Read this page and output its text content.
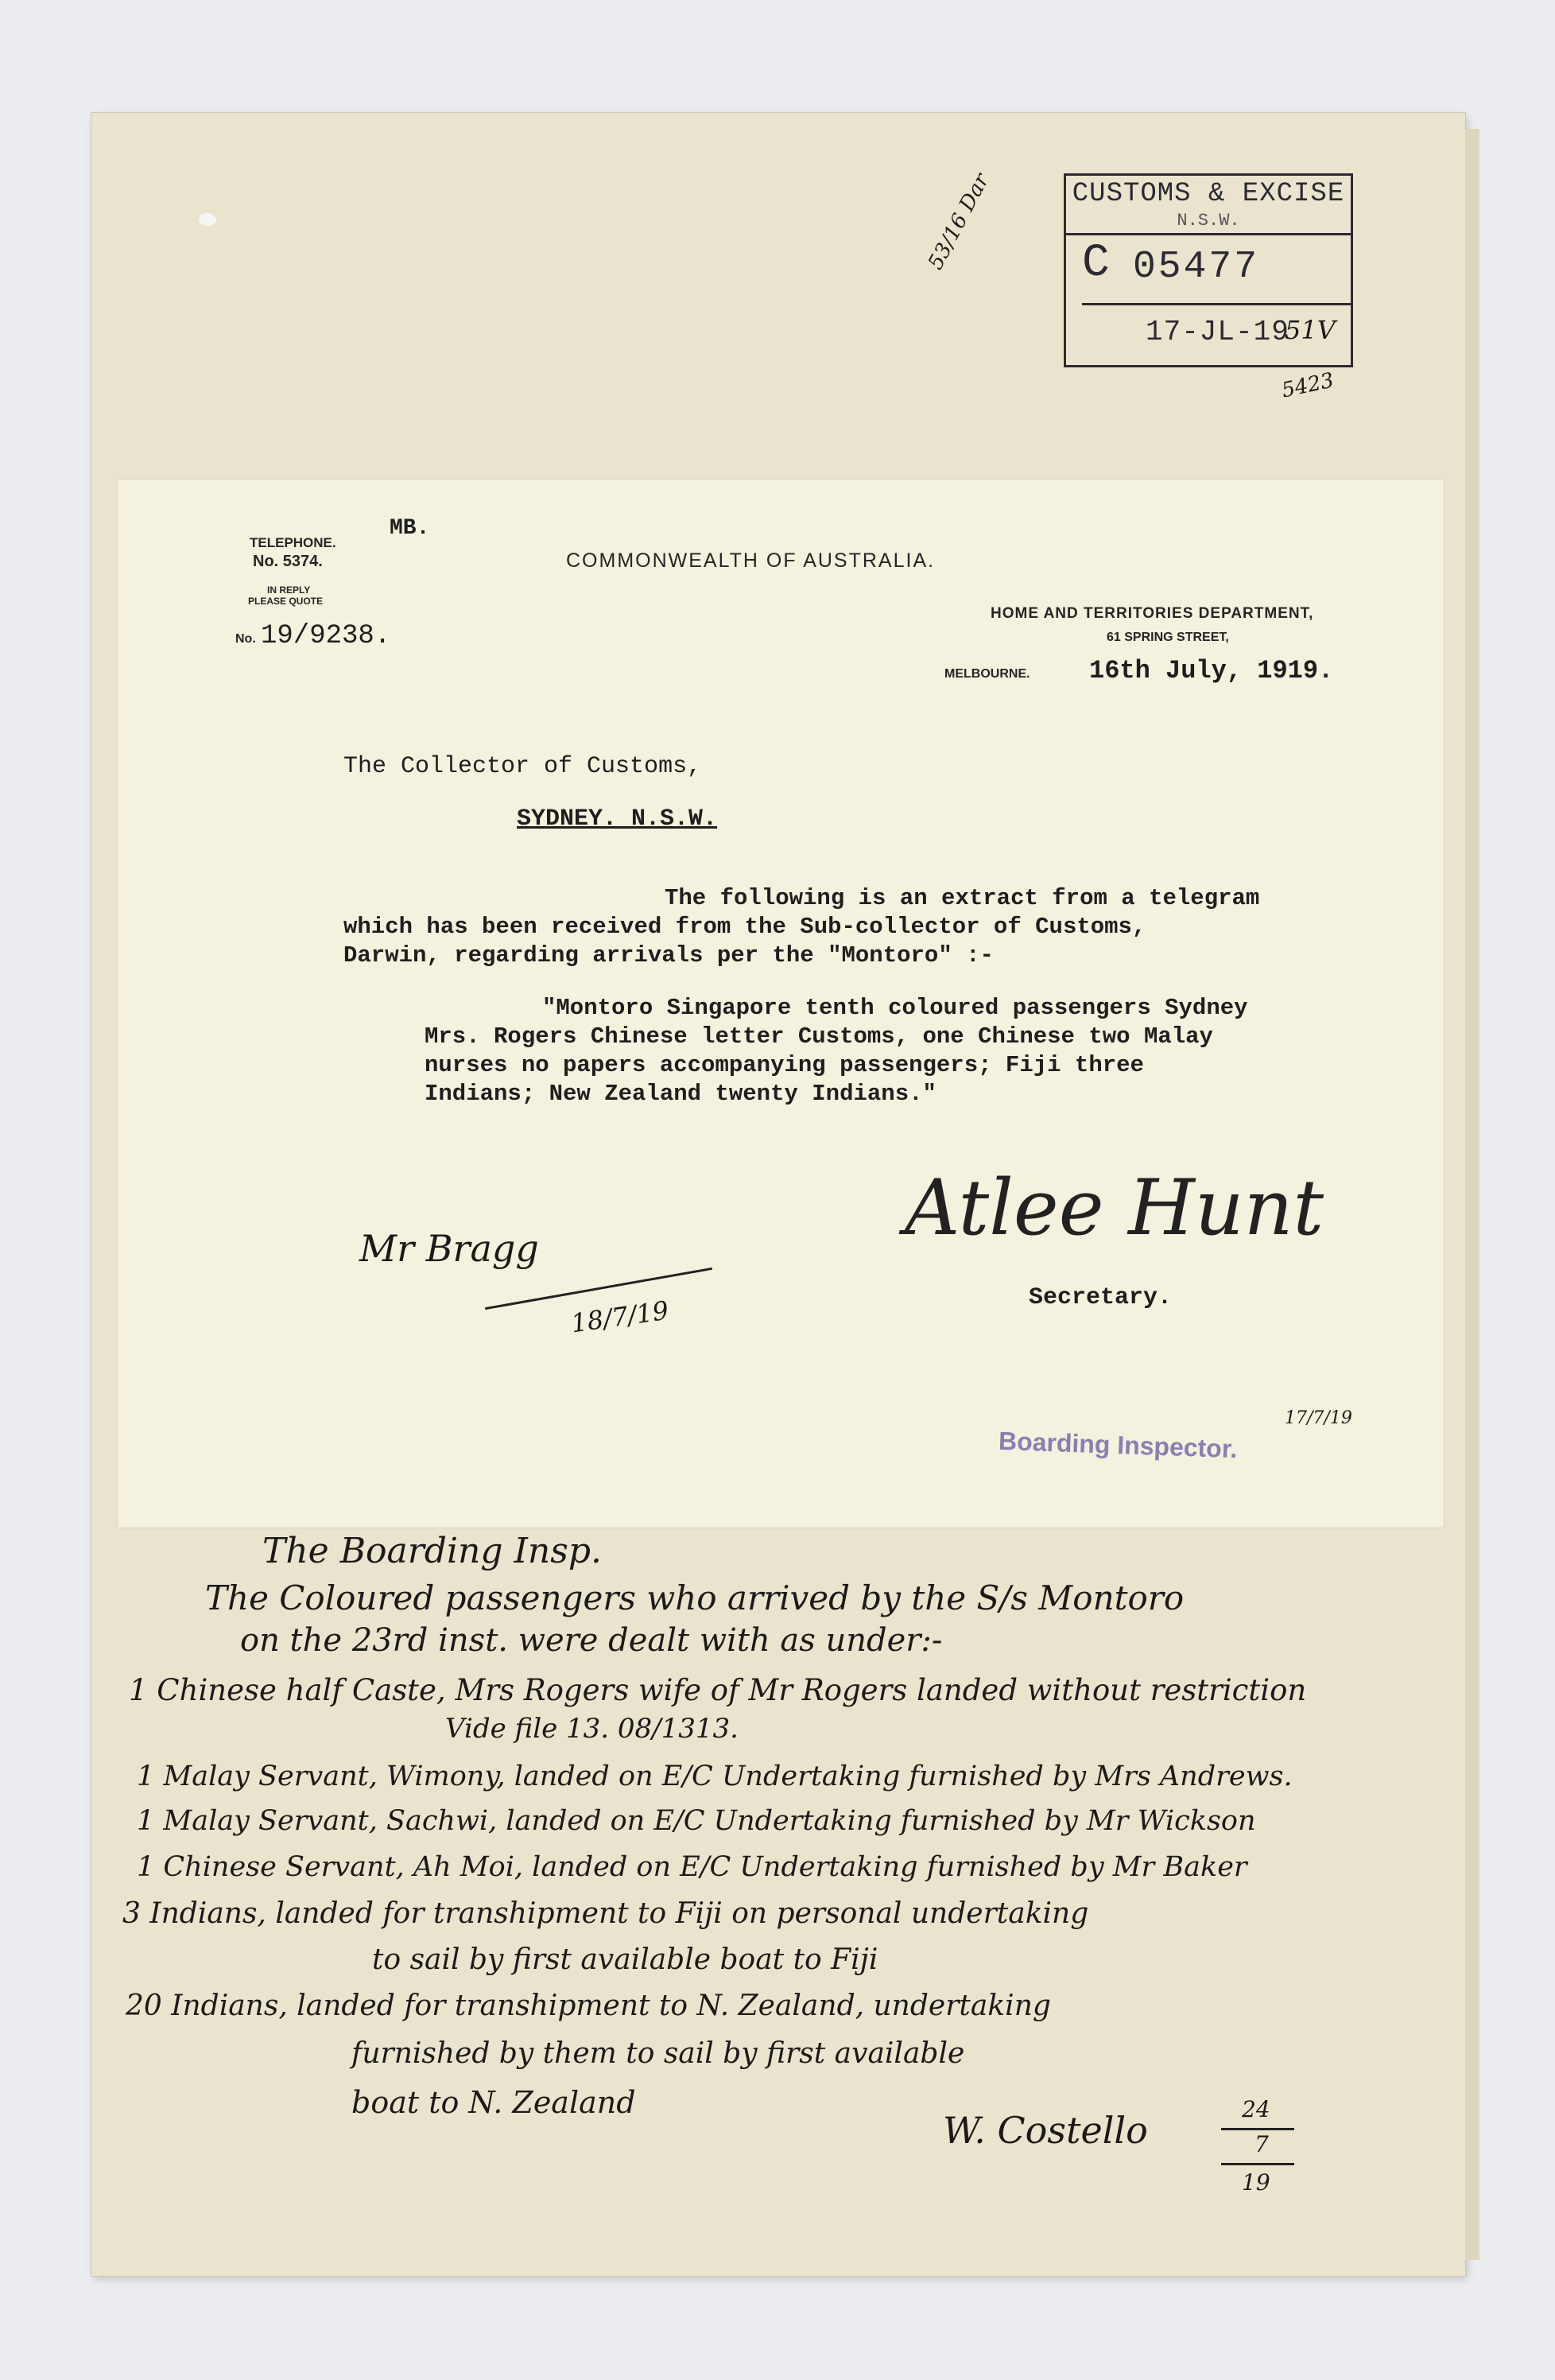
CUSTOMS & EXCISE
N.S.W.
C 05477
17-JL-19

51V

53/16 Dar

5423

MB.

TELEPHONE.

No. 5374.

IN REPLY

PLEASE QUOTE

No. 19/9238.

COMMONWEALTH OF AUSTRALIA.

HOME AND TERRITORIES DEPARTMENT,

61 SPRING STREET,

MELBOURNE. 16th July, 1919.

The Collector of Customs,

SYDNEY. N.S.W.

The following is an extract from a telegram

which has been received from the Sub-collector of Customs,

Darwin, regarding arrivals per the "Montoro" :-

"Montoro Singapore tenth coloured passengers Sydney

Mrs. Rogers Chinese letter Customs, one Chinese two Malay

nurses no papers accompanying passengers; Fiji three

Indians; New Zealand twenty Indians."

Atlee Hunt

Secretary.

Mr Bragg

18/7/19

Boarding Inspector.

17/7/19

The Boarding Insp.

The Coloured passengers who arrived by the S/s Montoro

on the 23rd inst. were dealt with as under:-

1 Chinese half Caste, Mrs Rogers wife of Mr Rogers landed without restriction

Vide file 13. 08/1313.

1 Malay Servant, Wimony, landed on E/C Undertaking furnished by Mrs Andrews.

1 Malay Servant, Sachwi, landed on E/C Undertaking furnished by Mr Wickson

1 Chinese Servant, Ah Moi, landed on E/C Undertaking furnished by Mr Baker

3 Indians, landed for transhipment to Fiji on personal undertaking

to sail by first available boat to Fiji

20 Indians, landed for transhipment to N. Zealand, undertaking

furnished by them to sail by first available

boat to N. Zealand

W. Costello	24

7

19
